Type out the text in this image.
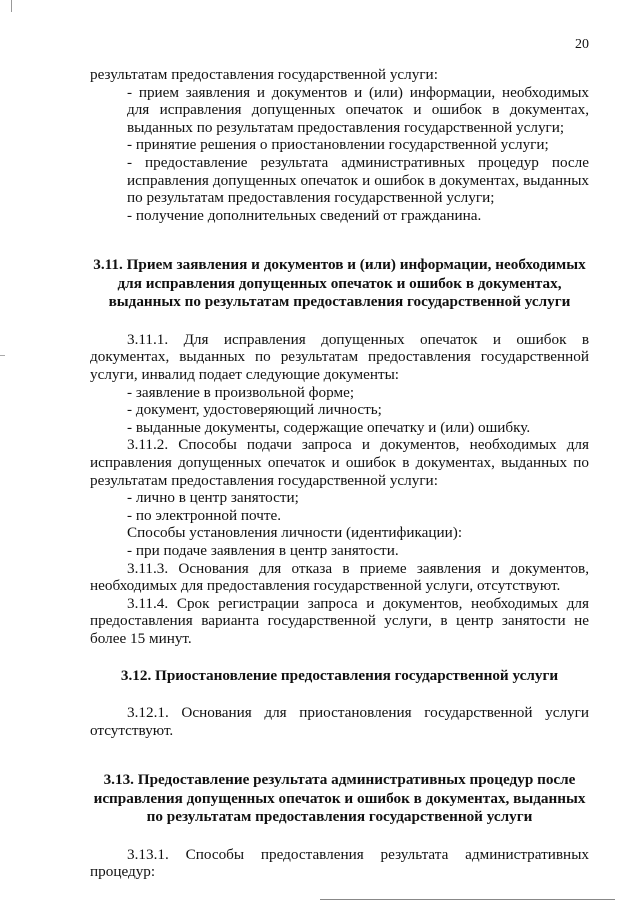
20

результатам предоставления государственной услуги:

- прием заявления и документов и (или) информации, необходимых для исправления допущенных опечаток и ошибок в документах, выданных по результатам предоставления государственной услуги;

- принятие решения о приостановлении государственной услуги;

- предоставление результата административных процедур после исправления допущенных опечаток и ошибок в документах, выданных по результатам предоставления государственной услуги;

- получение дополнительных сведений от гражданина.

3.11. Прием заявления и документов и (или) информации, необходимых для исправления допущенных опечаток и ошибок в документах, выданных по результатам предоставления государственной услуги

3.11.1. Для исправления допущенных опечаток и ошибок в документах, выданных по результатам предоставления государственной услуги, инвалид подает следующие документы:

- заявление в произвольной форме;

- документ, удостоверяющий личность;

- выданные документы, содержащие опечатку и (или) ошибку.

3.11.2. Способы подачи запроса и документов, необходимых для исправления допущенных опечаток и ошибок в документах, выданных по результатам предоставления государственной услуги:

- лично в центр занятости;

- по электронной почте.

Способы установления личности (идентификации):

- при подаче заявления в центр занятости.

3.11.3. Основания для отказа в приеме заявления и документов, необходимых для предоставления государственной услуги, отсутствуют.

3.11.4. Срок регистрации запроса и документов, необходимых для предоставления варианта государственной услуги, в центр занятости не более 15 минут.

3.12. Приостановление предоставления государственной услуги

3.12.1. Основания для приостановления государственной услуги отсутствуют.

3.13. Предоставление результата административных процедур после исправления допущенных опечаток и ошибок в документах, выданных по результатам предоставления государственной услуги

3.13.1. Способы предоставления результата административных процедур:
